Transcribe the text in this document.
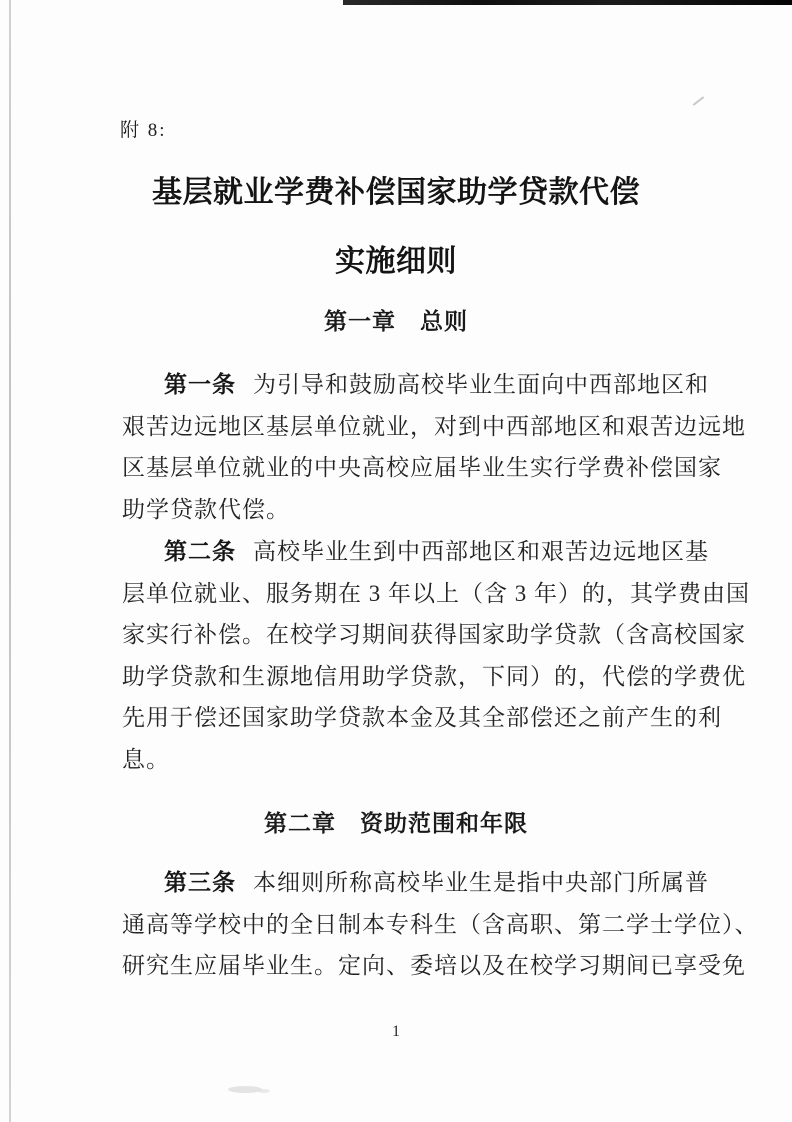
附 8:
基层就业学费补偿国家助学贷款代偿
实施细则
第一章　总则
第一条 为引导和鼓励高校毕业生面向中西部地区和
艰苦边远地区基层单位就业，对到中西部地区和艰苦边远地
区基层单位就业的中央高校应届毕业生实行学费补偿国家
助学贷款代偿。
第二条 高校毕业生到中西部地区和艰苦边远地区基
层单位就业、服务期在 3 年以上（含 3 年）的，其学费由国
家实行补偿。在校学习期间获得国家助学贷款（含高校国家
助学贷款和生源地信用助学贷款，下同）的，代偿的学费优
先用于偿还国家助学贷款本金及其全部偿还之前产生的利
息。
第二章　资助范围和年限
第三条 本细则所称高校毕业生是指中央部门所属普
通高等学校中的全日制本专科生（含高职、第二学士学位）、
研究生应届毕业生。定向、委培以及在校学习期间已享受免
1
